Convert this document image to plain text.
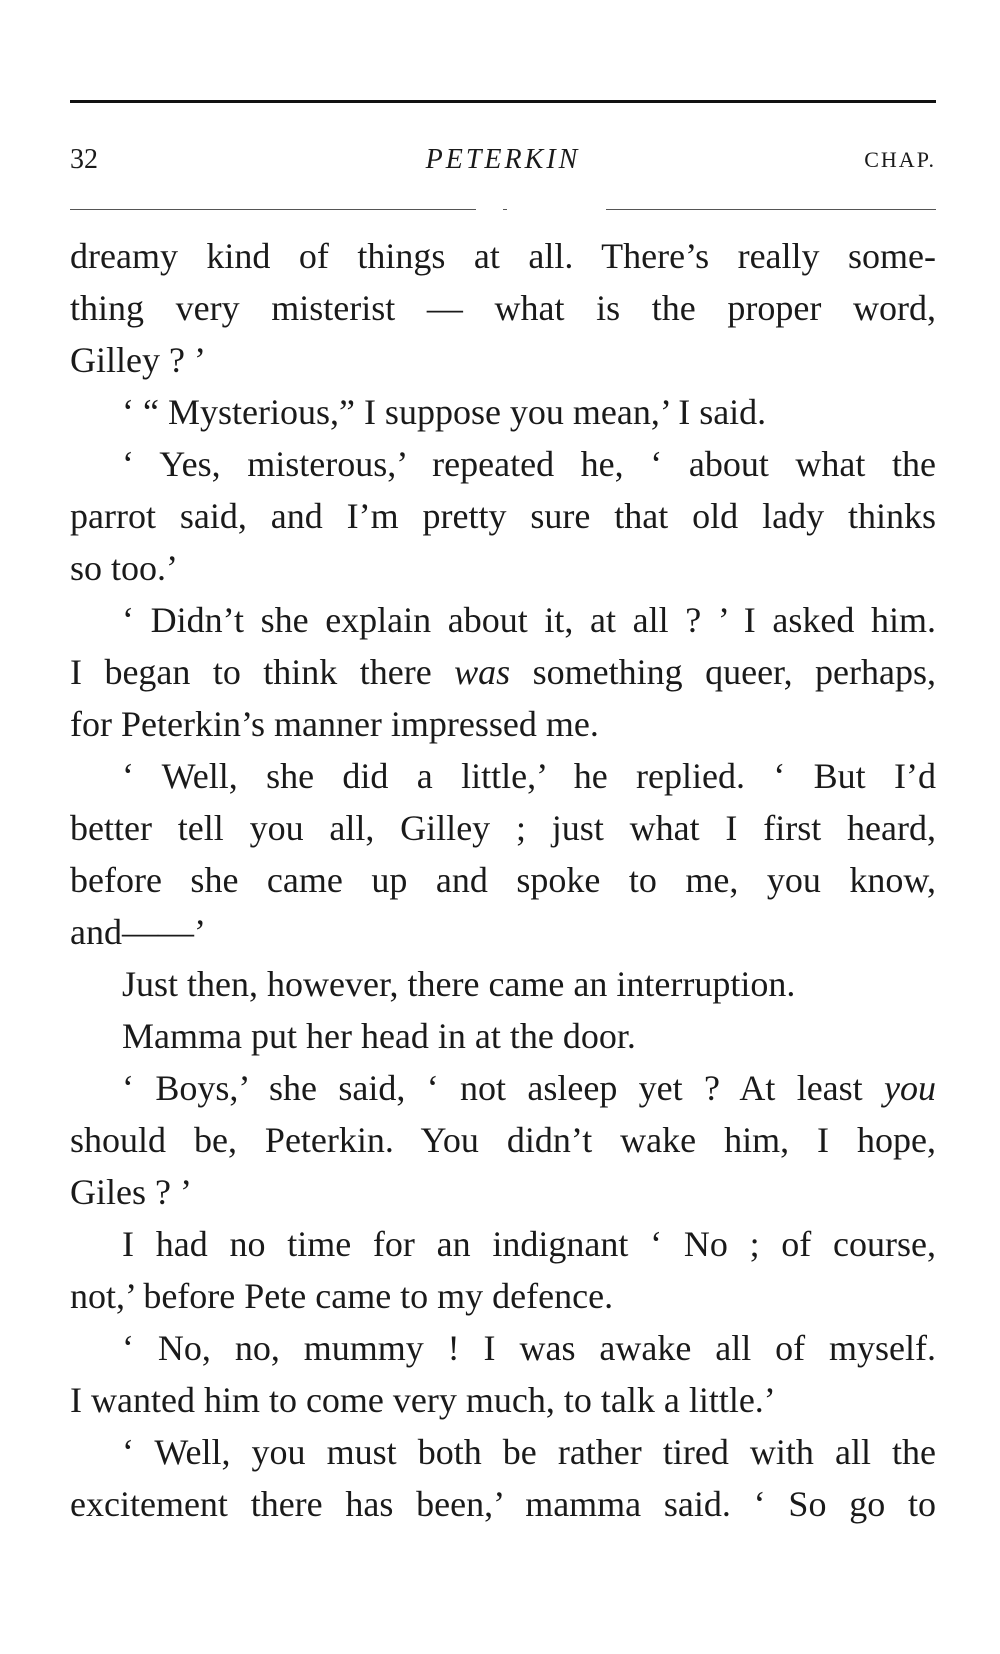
32	PETERKIN	CHAP.
dreamy kind of things at all. There’s really some-
thing very misterist — what is the proper word,
Gilley ? ’
‘ “ Mysterious,” I suppose you mean,’ I said.
‘ Yes, misterous,’ repeated he, ‘ about what the
parrot said, and I’m pretty sure that old lady thinks
so too.’
‘ Didn’t she explain about it, at all ? ’ I asked him.
I began to think there was something queer, perhaps,
for Peterkin’s manner impressed me.
‘ Well, she did a little,’ he replied. ‘ But I’d
better tell you all, Gilley ; just what I first heard,
before she came up and spoke to me, you know,
and——’
Just then, however, there came an interruption.
Mamma put her head in at the door.
‘ Boys,’ she said, ‘ not asleep yet ? At least you
should be, Peterkin. You didn’t wake him, I hope,
Giles ? ’
I had no time for an indignant ‘ No ; of course,
not,’ before Pete came to my defence.
‘ No, no, mummy ! I was awake all of myself.
I wanted him to come very much, to talk a little.’
‘ Well, you must both be rather tired with all the
excitement there has been,’ mamma said. ‘ So go to
